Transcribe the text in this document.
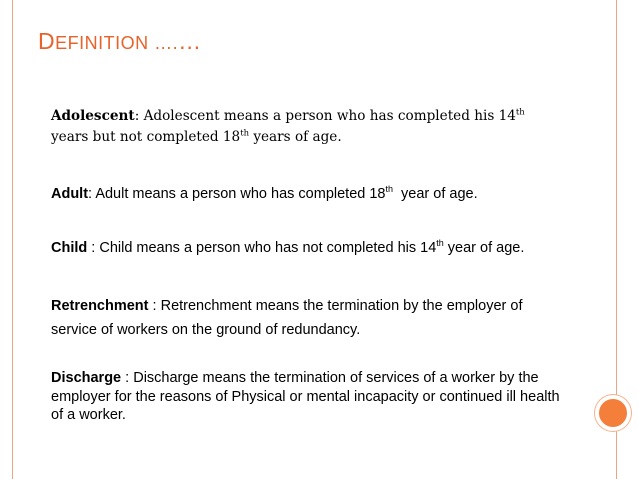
DEFINITION ….…

Adolescent: Adolescent means a person who has completed his 14th
years but not completed 18th years of age.

Adult: Adult means a person who has completed 18th  year of age.

Child : Child means a person who has not completed his 14th year of age.

Retrenchment : Retrenchment means the termination by the employer of service of workers on the ground of redundancy.

Discharge : Discharge means the termination of services of a worker by the employer for the reasons of Physical or mental incapacity or continued ill health of a worker.
